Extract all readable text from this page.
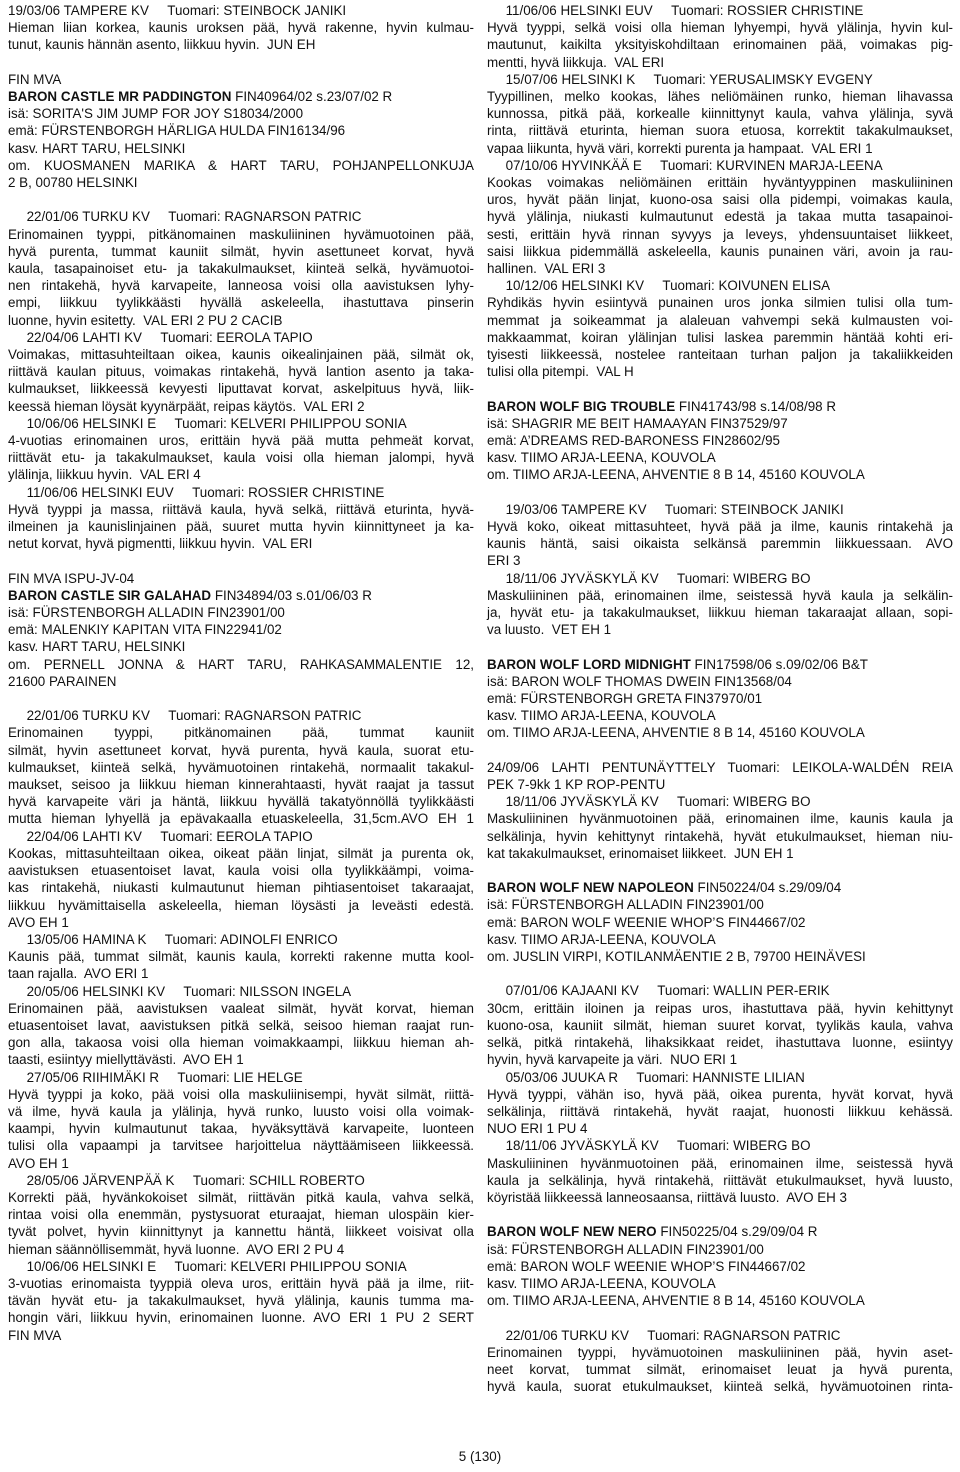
19/03/06 TAMPERE KV     Tuomari: STEINBOCK JANIKI
Hieman liian korkea, kaunis uroksen pää, hyvä rakenne, hyvin kulmau-
tunut, kaunis hännän asento, liikkuu hyvin.  JUN EH
FIN MVA
BARON CASTLE MR PADDINGTON FIN40964/02 s.23/07/02 R
isä: SORITA'S JIM JUMP FOR JOY S18034/2000
emä: FÜRSTENBORGH HÄRLIGA HULDA FIN16134/96
kasv. HART TARU, HELSINKI
om. KUOSMANEN MARIKA & HART TARU, POHJANPELLONKUJA
2 B, 00780 HELSINKI
22/01/06 TURKU KV     Tuomari: RAGNARSON PATRIC
Erinomainen tyyppi, pitkänomainen maskuliininen hyvämuotoinen pää,
hyvä purenta, tummat kauniit silmät, hyvin asettuneet korvat, hyvä
kaula, tasapainoiset etu- ja takakulmaukset, kiinteä selkä, hyvämuotoi-
nen rintakehä, hyvä karvapeite, lanneosa voisi olla aavistuksen lyhy-
empi, liikkuu tyylikkäästi hyvällä askeleella, ihastuttava pinserin
luonne, hyvin esitetty.  VAL ERI 2 PU 2 CACIB
22/04/06 LAHTI KV     Tuomari: EEROLA TAPIO
Voimakas, mittasuhteiltaan oikea, kaunis oikealinjainen pää, silmät ok,
riittävä kaulan pituus, voimakas rintakehä, hyvä lantion asento ja taka-
kulmaukset, liikkeessä kevyesti liputtavat korvat, askelpituus hyvä, liik-
keessä hieman löysät kyynärpäät, reipas käytös.  VAL ERI 2
10/06/06 HELSINKI E     Tuomari: KELVERI PHILIPPOU SONIA
4-vuotias erinomainen uros, erittäin hyvä pää mutta pehmeät korvat,
riittävät etu- ja takakulmaukset, kaula voisi olla hieman jalompi, hyvä
ylälinja, liikkuu hyvin.  VAL ERI 4
11/06/06 HELSINKI EUV     Tuomari: ROSSIER CHRISTINE
Hyvä tyyppi ja massa, riittävä kaula, hyvä selkä, riittävä eturinta, hyvä-
ilmeinen ja kaunislinjainen pää, suuret mutta hyvin kiinnittyneet ja ka-
netut korvat, hyvä pigmentti, liikkuu hyvin.  VAL ERI
FIN MVA ISPU-JV-04
BARON CASTLE SIR GALAHAD FIN34894/03 s.01/06/03 R
isä: FÜRSTENBORGH ALLADIN FIN23901/00
emä: MALENKIY KAPITAN VITA FIN22941/02
kasv. HART TARU, HELSINKI
om. PERNELL JONNA & HART TARU, RAHKASAMMALENTIE 12,
21600 PARAINEN
22/01/06 TURKU KV     Tuomari: RAGNARSON PATRIC
Erinomainen tyyppi, pitkänomainen pää, tummat kauniit
silmät, hyvin asettuneet korvat, hyvä purenta, hyvä kaula, suorat etu-
kulmaukset, kiinteä selkä, hyvämuotoinen rintakehä, normaalit takakul-
maukset, seisoo ja liikkuu hieman kinnerahtaasti, hyvät raajat ja tassut
hyvä karvapeite väri ja häntä, liikkuu hyvällä takatyönnöllä tyylikkäästi
mutta hieman lyhyellä ja epävakaalla etuaskeleella, 31,5cm.AVO EH 1
22/04/06 LAHTI KV     Tuomari: EEROLA TAPIO
Kookas, mittasuhteiltaan oikea, oikeat pään linjat, silmät ja purenta ok,
aavistuksen etuasentoiset lavat, kaula voisi olla tyylikkäämpi, voima-
kas rintakehä, niukasti kulmautunut hieman pihtiasentoiset takaraajat,
liikkuu hyvämittaisella askeleella, hieman löysästi ja leveästi edestä.
AVO EH 1
13/05/06 HAMINA K     Tuomari: ADINOLFI ENRICO
Kaunis pää, tummat silmät, kaunis kaula, korrekti rakenne mutta kool-
taan rajalla.  AVO ERI 1
20/05/06 HELSINKI KV     Tuomari: NILSSON INGELA
Erinomainen pää, aavistuksen vaaleat silmät, hyvät korvat, hieman
etuasentoiset lavat, aavistuksen pitkä selkä, seisoo hieman raajat run-
gon alla, takaosa voisi olla hieman voimakkaampi, liikkuu hieman ah-
taasti, esiintyy miellyttävästi.  AVO EH 1
27/05/06 RIIHIMÄKI R     Tuomari: LIE HELGE
Hyvä tyyppi ja koko, pää voisi olla maskuliinisempi, hyvät silmät, riittä-
vä ilme, hyvä kaula ja ylälinja, hyvä runko, luusto voisi olla voimak-
kaampi, hyvin kulmautunut takaa, hyväksyttävä karvapeite, luonteen
tulisi olla vapaampi ja tarvitsee harjoittelua näyttäämiseen liikkeessä.
AVO EH 1
28/05/06 JÄRVENPÄÄ K     Tuomari: SCHILL ROBERTO
Korrekti pää, hyvänkokoiset silmät, riittävän pitkä kaula, vahva selkä,
rintaa voisi olla enemmän, pystysuorat eturaajat, hieman ulospäin kier-
tyvät polvet, hyvin kiinnittynyt ja kannettu häntä, liikkeet voisivat olla
hieman säännöllisemmät, hyvä luonne.  AVO ERI 2 PU 4
10/06/06 HELSINKI E     Tuomari: KELVERI PHILIPPOU SONIA
3-vuotias erinomaista tyyppiä oleva uros, erittäin hyvä pää ja ilme, riit-
tävän hyvät etu- ja takakulmaukset, hyvä ylälinja, kaunis tumma ma-
hongin väri, liikkuu hyvin, erinomainen luonne. AVO ERI 1 PU 2 SERT
FIN MVA
11/06/06 HELSINKI EUV     Tuomari: ROSSIER CHRISTINE
Hyvä tyyppi, selkä voisi olla hieman lyhyempi, hyvä ylälinja, hyvin kul-
mautunut, kaikilta yksityiskohdiltaan erinomainen pää, voimakas pig-
mentti, hyvä liikkuja.  VAL ERI
15/07/06 HELSINKI K     Tuomari: YERUSALIMSKY EVGENY
Tyypillinen, melko kookas, lähes neliömäinen runko, hieman lihavassa
kunnossa, pitkä pää, korkealle kiinnittynyt kaula, vahva ylälinja, syvä
rinta, riittävä eturinta, hieman suora etuosa, korrektit takakulmaukset,
vapaa liikunta, hyvä väri, korrekti purenta ja hampaat.  VAL ERI 1
07/10/06 HYVINKÄÄ E     Tuomari: KURVINEN MARJA-LEENA
Kookas voimakas neliömäinen erittäin hyväntyyppinen maskuliininen
uros, hyvät pään linjat, kuono-osa saisi olla pidempi, voimakas kaula,
hyvä ylälinja, niukasti kulmautunut edestä ja takaa mutta tasapainoi-
sesti, erittäin hyvä rinnan syvyys ja leveys, yhdensuuntaiset liikkeet,
saisi liikkua pidemmällä askeleella, kaunis punainen väri, avoin ja rau-
hallinen.  VAL ERI 3
10/12/06 HELSINKI KV     Tuomari: KOIVUNEN ELISA
Ryhdikäs hyvin esiintyvä punainen uros jonka silmien tulisi olla tum-
memmat ja soikeammat ja alaleuan vahvempi sekä kulmausten voi-
makkaammat, koiran ylälinjan tulisi laskea paremmin häntää kohti eri-
tyisesti liikkeessä, nostelee ranteitaan turhan paljon ja takaliikkeiden
tulisi olla pitempi.  VAL H
BARON WOLF BIG TROUBLE FIN41743/98 s.14/08/98 R
isä: SHAGRIR ME BEIT HAMAAYAN FIN37529/97
emä: A’DREAMS RED-BARONESS FIN28602/95
kasv. TIIMO ARJA-LEENA, KOUVOLA
om. TIIMO ARJA-LEENA, AHVENTIE 8 B 14, 45160 KOUVOLA
19/03/06 TAMPERE KV     Tuomari: STEINBOCK JANIKI
Hyvä koko, oikeat mittasuhteet, hyvä pää ja ilme, kaunis rintakehä ja
kaunis häntä, saisi oikaista selkänsä paremmin liikkuessaan. AVO
ERI 3
18/11/06 JYVÄSKYLÄ KV     Tuomari: WIBERG BO
Maskuliininen pää, erinomainen ilme, seistessä hyvä kaula ja selkälin-
ja, hyvät etu- ja takakulmaukset, liikkuu hieman takaraajat allaan, sopi-
va luusto.  VET EH 1
BARON WOLF LORD MIDNIGHT FIN17598/06 s.09/02/06 B&T
isä: BARON WOLF THOMAS DWEIN FIN13568/04
emä: FÜRSTENBORGH GRETA FIN37970/01
kasv. TIIMO ARJA-LEENA, KOUVOLA
om. TIIMO ARJA-LEENA, AHVENTIE 8 B 14, 45160 KOUVOLA
24/09/06 LAHTI PENTUNÄYTTELY Tuomari: LEIKOLA-WALDÉN REIA
PEK 7-9kk 1 KP ROP-PENTU
18/11/06 JYVÄSKYLÄ KV     Tuomari: WIBERG BO
Maskuliininen hyvänmuotoinen pää, erinomainen ilme, kaunis kaula ja
selkälinja, hyvin kehittynyt rintakehä, hyvät etukulmaukset, hieman niu-
kat takakulmaukset, erinomaiset liikkeet.  JUN EH 1
BARON WOLF NEW NAPOLEON FIN50224/04 s.29/09/04
isä: FÜRSTENBORGH ALLADIN FIN23901/00
emä: BARON WOLF WEENIE WHOP’S FIN44667/02
kasv. TIIMO ARJA-LEENA, KOUVOLA
om. JUSLIN VIRPI, KOTILANMÄENTIE 2 B, 79700 HEINÄVESI
07/01/06 KAJAANI KV     Tuomari: WALLIN PER-ERIK
30cm, erittäin iloinen ja reipas uros, ihastuttava pää, hyvin kehittynyt
kuono-osa, kauniit silmät, hieman suuret korvat, tyylikäs kaula, vahva
selkä, pitkä rintakehä, lihaksikkaat reidet, ihastuttava luonne, esiintyy
hyvin, hyvä karvapeite ja väri.  NUO ERI 1
05/03/06 JUUKA R     Tuomari: HANNISTE LILIAN
Hyvä tyyppi, vähän iso, hyvä pää, oikea purenta, hyvät korvat, hyvä
selkälinja, riittävä rintakehä, hyvät raajat, huonosti liikkuu kehässä.
NUO ERI 1 PU 4
18/11/06 JYVÄSKYLÄ KV     Tuomari: WIBERG BO
Maskuliininen hyvänmuotoinen pää, erinomainen ilme, seistessä hyvä
kaula ja selkälinja, hyvä rintakehä, riittävät etukulmaukset, hyvä luusto,
köyristää liikkeessä lanneosaansa, riittävä luusto.  AVO EH 3
BARON WOLF NEW NERO FIN50225/04 s.29/09/04 R
isä: FÜRSTENBORGH ALLADIN FIN23901/00
emä: BARON WOLF WEENIE WHOP’S FIN44667/02
kasv. TIIMO ARJA-LEENA, KOUVOLA
om. TIIMO ARJA-LEENA, AHVENTIE 8 B 14, 45160 KOUVOLA
22/01/06 TURKU KV     Tuomari: RAGNARSON PATRIC
Erinomainen tyyppi, hyvämuotoinen maskuliininen pää, hyvin aset-
neet korvat, tummat silmät, erinomaiset leuat ja hyvä purenta,
hyvä kaula, suorat etukulmaukset, kiinteä selkä, hyvämuotoinen rinta-
5 (130)
